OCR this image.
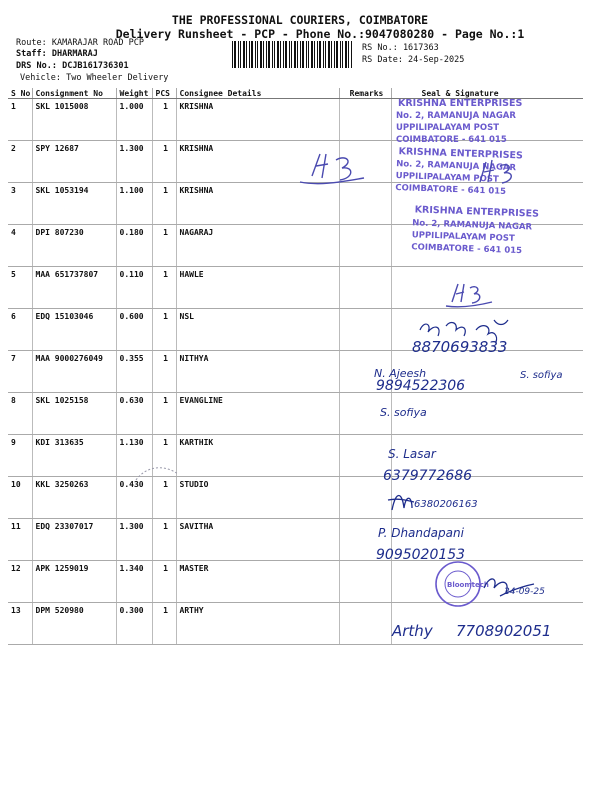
THE PROFESSIONAL COURIERS, COIMBATORE
Delivery Runsheet - PCP - Phone No.:9047080280 - Page No.:1
Route: KAMARAJAR ROAD PCP
Staff: DHARMARAJ
DRS No.: DCJB161736301
Vehicle: Two Wheeler Delivery
RS No.: 1617363
RS Date: 24-Sep-2025
S No	Consignment No	Weight	PCS	Consignee Details	Remarks	Seal & Signature
1	SKL 1015008	1.000	1	KRISHNA		
2	SPY 12687	1.300	1	KRISHNA		
3	SKL 1053194	1.100	1	KRISHNA		
4	DPI 807230	0.180	1	NAGARAJ		
5	MAA 651737807	0.110	1	HAWLE		
6	EDQ 15103046	0.600	1	NSL		
7	MAA 9000276049	0.355	1	NITHYA		
8	SKL 1025158	0.630	1	EVANGLINE		
9	KDI 313635	1.130	1	KARTHIK		
10	KKL 3250263	0.430	1	STUDIO		
11	EDQ 23307017	1.300	1	SAVITHA		
12	APK 1259019	1.340	1	MASTER		
13	DPM 520980	0.300	1	ARTHY		
KRISHNA ENTERPRISES
No. 2, RAMANUJA NAGAR
UPPILIPALAYAM POST
COIMBATORE - 641 015
KRISHNA ENTERPRISES
No. 2, RAMANUJA NAGAR
UPPILIPALAYAM POST
COIMBATORE - 641 015
KRISHNA ENTERPRISES
No. 2, RAMANUJA NAGAR
UPPILIPALAYAM POST
COIMBATORE - 641 015
8870693833
N. Ajeesh
9894522306
S. sofiya
S. sofiya
S. Lasar
6379772686
6380206163
P. Dhandapani
9095020153
Bloomtech
24-09-25
Arthy 7708902051
